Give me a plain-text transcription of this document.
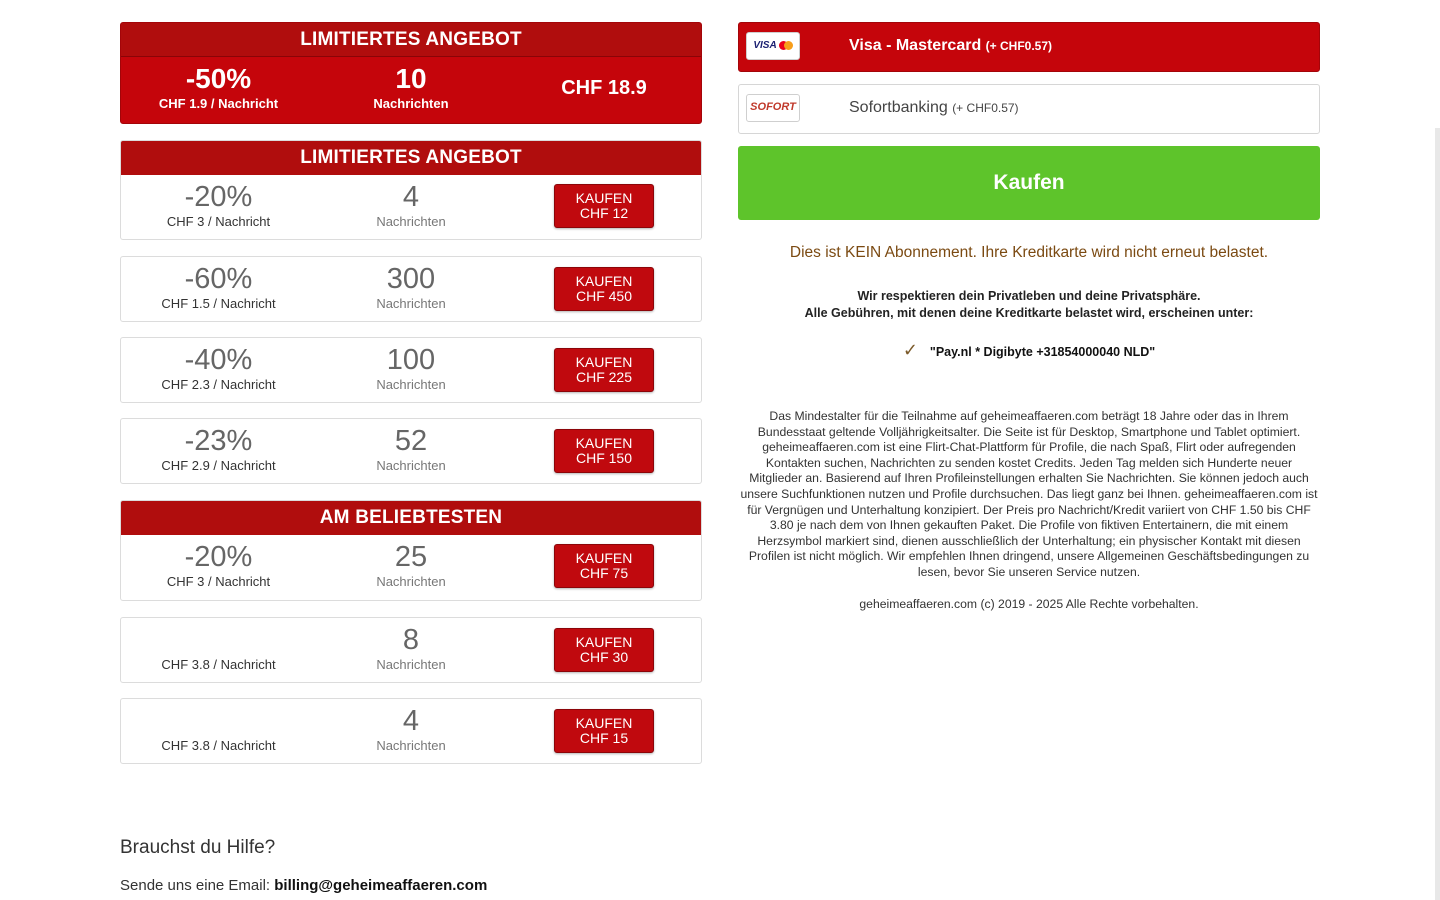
LIMITIERTES ANGEBOT
-50%
CHF 1.9 / Nachricht
10
Nachrichten
CHF 18.9
LIMITIERTES ANGEBOT
-20%
CHF 3 / Nachricht
4
Nachrichten
KAUFEN
CHF 12
-60%
CHF 1.5 / Nachricht
300
Nachrichten
KAUFEN
CHF 450
-40%
CHF 2.3 / Nachricht
100
Nachrichten
KAUFEN
CHF 225
-23%
CHF 2.9 / Nachricht
52
Nachrichten
KAUFEN
CHF 150
AM BELIEBTESTEN
-20%
CHF 3 / Nachricht
25
Nachrichten
KAUFEN
CHF 75
CHF 3.8 / Nachricht
8
Nachrichten
KAUFEN
CHF 30
CHF 3.8 / Nachricht
4
Nachrichten
KAUFEN
CHF 15
Brauchst du Hilfe?
Sende uns eine Email: billing@geheimeaffaeren.com
VISA	Visa - Mastercard (+ CHF0.57)
SOFORT	Sofortbanking (+ CHF0.57)
Kaufen
Dies ist KEIN Abonnement. Ihre Kreditkarte wird nicht erneut belastet.
Wir respektieren dein Privatleben und deine Privatsphäre.
Alle Gebühren, mit denen deine Kreditkarte belastet wird, erscheinen unter:
✓ "Pay.nl * Digibyte +31854000040 NLD"
Das Mindestalter für die Teilnahme auf geheimeaffaeren.com beträgt 18 Jahre oder das in Ihrem Bundesstaat geltende Volljährigkeitsalter. Die Seite ist für Desktop, Smartphone und Tablet optimiert. geheimeaffaeren.com ist eine Flirt-Chat-Plattform für Profile, die nach Spaß, Flirt oder aufregenden Kontakten suchen, Nachrichten zu senden kostet Credits. Jeden Tag melden sich Hunderte neuer Mitglieder an. Basierend auf Ihren Profileinstellungen erhalten Sie Nachrichten. Sie können jedoch auch unsere Suchfunktionen nutzen und Profile durchsuchen. Das liegt ganz bei Ihnen. geheimeaffaeren.com ist für Vergnügen und Unterhaltung konzipiert. Der Preis pro Nachricht/Kredit variiert von CHF 1.50 bis CHF 3.80 je nach dem von Ihnen gekauften Paket. Die Profile von fiktiven Entertainern, die mit einem Herzsymbol markiert sind, dienen ausschließlich der Unterhaltung; ein physischer Kontakt mit diesen Profilen ist nicht möglich. Wir empfehlen Ihnen dringend, unsere Allgemeinen Geschäftsbedingungen zu lesen, bevor Sie unseren Service nutzen.
geheimeaffaeren.com (c) 2019 - 2025 Alle Rechte vorbehalten.
